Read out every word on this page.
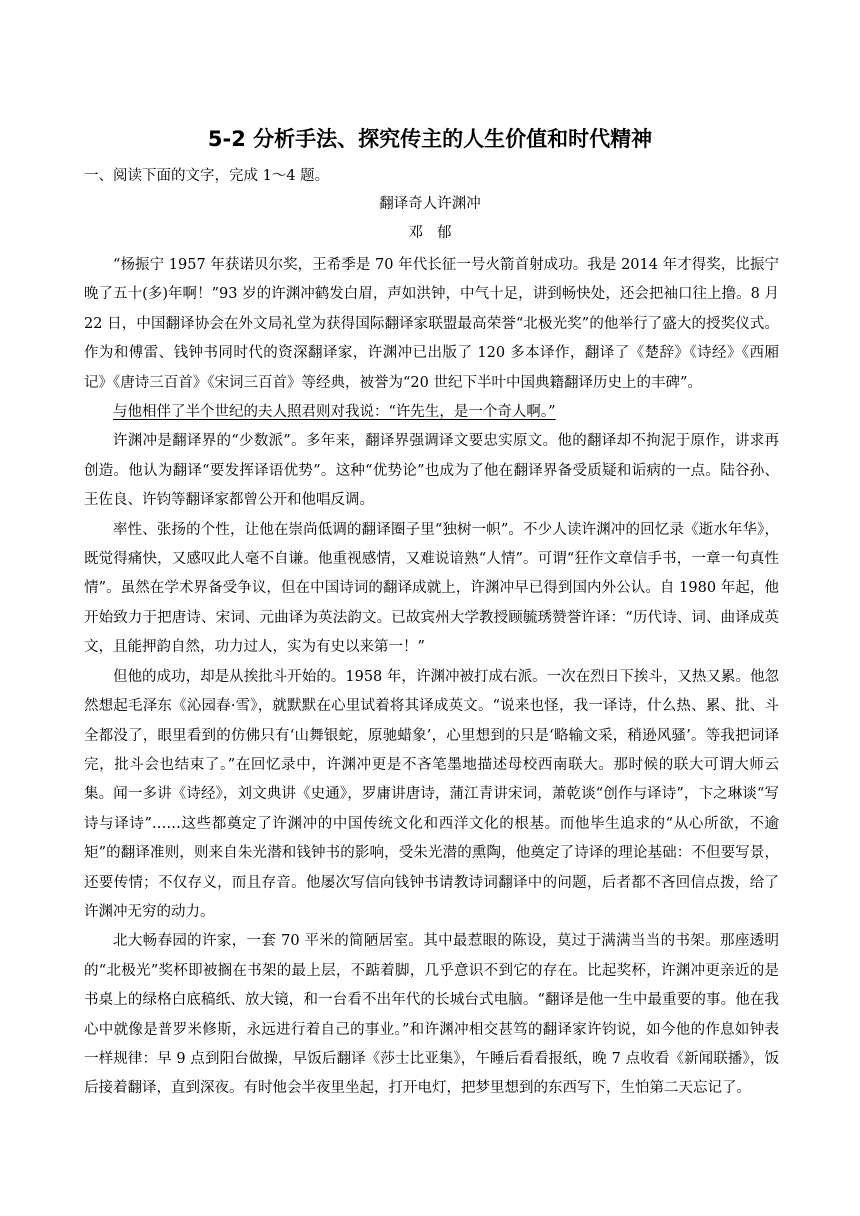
5-2 分析手法、探究传主的人生价值和时代精神
一、阅读下面的文字，完成 1～4 题。
翻译奇人许渊冲
邓郁

“杨振宁 1957 年获诺贝尔奖，王希季是 70 年代长征一号火箭首射成功。我是 2014 年才得奖，比振宁晚了五十(多)年啊！”93 岁的许渊冲鹤发白眉，声如洪钟，中气十足，讲到畅快处，还会把袖口往上撸。8 月 22 日，中国翻译协会在外文局礼堂为获得国际翻译家联盟最高荣誉“北极光奖”的他举行了盛大的授奖仪式。作为和傅雷、钱钟书同时代的资深翻译家，许渊冲已出版了 120 多本译作，翻译了《楚辞》《诗经》《西厢记》《唐诗三百首》《宋词三百首》等经典，被誉为“20 世纪下半叶中国典籍翻译历史上的丰碑”。

与他相伴了半个世纪的夫人照君则对我说：“许先生，是一个奇人啊。”

许渊冲是翻译界的“少数派”。多年来，翻译界强调译文要忠实原文。他的翻译却不拘泥于原作，讲求再创造。他认为翻译“要发挥译语优势”。这种“优势论”也成为了他在翻译界备受质疑和诟病的一点。陆谷孙、王佐良、许钧等翻译家都曾公开和他唱反调。

率性、张扬的个性，让他在崇尚低调的翻译圈子里“独树一帜”。不少人读许渊冲的回忆录《逝水年华》，既觉得痛快，又感叹此人毫不自谦。他重视感情，又难说谙熟“人情”。可谓“狂作文章信手书，一章一句真性情”。虽然在学术界备受争议，但在中国诗词的翻译成就上，许渊冲早已得到国内外公认。自 1980 年起，他开始致力于把唐诗、宋词、元曲译为英法韵文。已故宾州大学教授顾毓琇赞誉许译：“历代诗、词、曲译成英文，且能押韵自然，功力过人，实为有史以来第一！”

但他的成功，却是从挨批斗开始的。1958 年，许渊冲被打成右派。一次在烈日下挨斗，又热又累。他忽然想起毛泽东《沁园春·雪》，就默默在心里试着将其译成英文。“说来也怪，我一译诗，什么热、累、批、斗全都没了，眼里看到的仿佛只有‘山舞银蛇，原驰蜡象’，心里想到的只是‘略输文采，稍逊风骚’。等我把词译完，批斗会也结束了。”在回忆录中，许渊冲更是不吝笔墨地描述母校西南联大。那时候的联大可谓大师云集。闻一多讲《诗经》，刘文典讲《史通》，罗庸讲唐诗，蒲江青讲宋词，萧乾谈“创作与译诗”，卞之琳谈“写诗与译诗”……这些都奠定了许渊冲的中国传统文化和西洋文化的根基。而他毕生追求的“从心所欲，不逾矩”的翻译准则，则来自朱光潜和钱钟书的影响，受朱光潜的熏陶，他奠定了诗译的理论基础：不但要写景，还要传情；不仅存义，而且存音。他屡次写信向钱钟书请教诗词翻译中的问题，后者都不吝回信点拨，给了许渊冲无穷的动力。

北大畅春园的许家，一套 70 平米的简陋居室。其中最惹眼的陈设，莫过于满满当当的书架。那座透明的“北极光”奖杯即被搁在书架的最上层，不踮着脚，几乎意识不到它的存在。比起奖杯，许渊冲更亲近的是书桌上的绿格白底稿纸、放大镜，和一台看不出年代的长城台式电脑。“翻译是他一生中最重要的事。他在我心中就像是普罗米修斯，永远进行着自己的事业。”和许渊冲相交甚笃的翻译家许钧说，如今他的作息如钟表一样规律：早 9 点到阳台做操，早饭后翻译《莎士比亚集》，午睡后看看报纸，晚 7 点收看《新闻联播》，饭后接着翻译，直到深夜。有时他会半夜里坐起，打开电灯，把梦里想到的东西写下，生怕第二天忘记了。
